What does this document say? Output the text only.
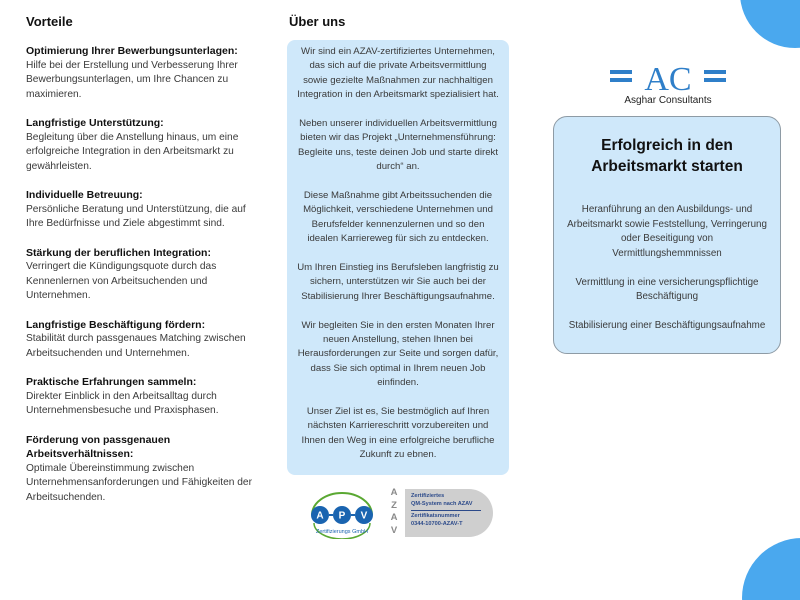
Vorteile
Optimierung Ihrer Bewerbungsunterlagen:
Hilfe bei der Erstellung und Verbesserung Ihrer Bewerbungsunterlagen, um Ihre Chancen zu maximieren.
Langfristige Unterstützung:
Begleitung über die Anstellung hinaus, um eine erfolgreiche Integration in den Arbeitsmarkt zu gewährleisten.
Individuelle Betreuung:
Persönliche Beratung und Unterstützung, die auf Ihre Bedürfnisse und Ziele abgestimmt sind.
Stärkung der beruflichen Integration:
Verringert die Kündigungsquote durch das Kennenlernen von Arbeitsuchenden und Unternehmen.
Langfristige Beschäftigung fördern:
Stabilität durch passgenaues Matching zwischen Arbeitsuchenden und Unternehmen.
Praktische Erfahrungen sammeln:
Direkter Einblick in den Arbeitsalltag durch Unternehmensbesuche und Praxisphasen.
Förderung von passgenauen Arbeitsverhältnissen:
Optimale Übereinstimmung zwischen Unternehmensanforderungen und Fähigkeiten der Arbeitsuchenden.
Über uns

Wir sind ein AZAV-zertifiziertes Unternehmen, das sich auf die private Arbeitsvermittlung sowie gezielte Maßnahmen zur nachhaltigen Integration in den Arbeitsmarkt spezialisiert hat.

Neben unserer individuellen Arbeitsvermittlung bieten wir das Projekt „Unternehmensführung: Begleite uns, teste deinen Job und starte direkt durch“ an.

Diese Maßnahme gibt Arbeitssuchenden die Möglichkeit, verschiedene Unternehmen und Berufsfelder kennenzulernen und so den idealen Karriereweg für sich zu entdecken.

Um Ihren Einstieg ins Berufsleben langfristig zu sichern, unterstützen wir Sie auch bei der Stabilisierung Ihrer Beschäftigungsaufnahme.

Wir begleiten Sie in den ersten Monaten Ihrer neuen Anstellung, stehen Ihnen bei Herausforderungen zur Seite und sorgen dafür, dass Sie sich optimal in Ihrem neuen Job einfinden.

Unser Ziel ist es, Sie bestmöglich auf Ihren nächsten Karriereschritt vorzubereiten und Ihnen den Weg in eine erfolgreiche berufliche Zukunft zu ebnen.

A P V
Zertifizierungs GmbH
A
Z
A
V
Zertifiziertes
QM-System nach AZAV
Zertifikatsnummer
0344-10700-AZAV-T
AC
Asghar Consultants
Erfolgreich in den Arbeitsmarkt starten

Heranführung an den Ausbildungs- und Arbeitsmarkt sowie Feststellung, Verringerung oder Beseitigung von Vermittlungshemmnissen

Vermittlung in eine versicherungspflichtige Beschäftigung

Stabilisierung einer Beschäftigungsaufnahme
